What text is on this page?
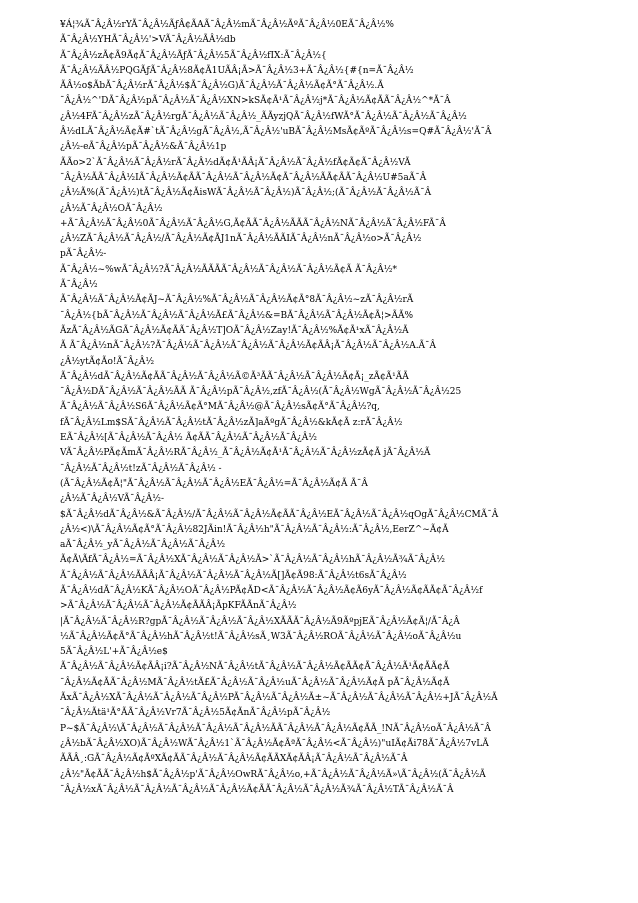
¥Á¦¾Ã¯Â¿Â½rYÃ¯Â¿Â½ÃƒÂ¢ÃAÃ¯Â¿Â½mÃ¯Â¿Â½ÃºÃ¯Â¿Â½0EÃ¯Â¿Â½%
Ã¯Â¿Â½YHÃ¯Â¿Â½'>VÃ¯Â¿Â½ÃÂ½db
Ã¯Â¿Â½zÃ¢Ã9Ã¢Ã¯Â¿Â½ÃƒÃ¯Â¿Â½5Ã¯Â¿Â½fIX:Ã¯Â¿Â½{
Ã¯Â¿Â½ÃÂ½PQGÃƒÃ¯Â¿Â½8Ã¢Ã1UÃÂ¡Ã>Ã¯Â¿Â½3+Ã¯Â¿Â½{#{n=Ã¯Â¿Â½
ÃÂ½o$ÃbÃ¯Â¿Â½rÃ¯Â¿Â½$Ã¯Â¿Â½G)Ã¯Â¿Â½Ã¯Â¿Â½Ã¢Ã°Ã¯Â¿Â½.Ã
¯Â¿Â½^'DÃ¯Â¿Â½pÃ¯Â¿Â½Ã¯Â¿Â½XN>kSÃ¢Ã¹Ã¯Â¿Â½j*Ã¯Â¿Â½Ã¢ÃÃ¯Â¿Â½^*Ã¯Â
¿Â½4FÃ¯Â¿Â½zÃ¯Â¿Â½rgÃ¯Â¿Â½Ã¯Â¿Â½_ÃÃyzjQÃ¯Â¿Â½fWÃ°Ã¯Â¿Â½Ã¯Â¿Â½Ã¯Â¿Â½
Â½dLÃ¯Â¿Â½Ã¢Ã#`tÃ¯Â¿Â½gÃ¯Â¿Â½,Ã¯Â¿Â½'uBÃ¯Â¿Â½MsÃ¢ÃºÃ¯Â¿Â½s=Q#Ã¯Â¿Â½'Ã¯Â
¿Â½-eÃ¯Â¿Â½pÃ¯Â¿Â½&Ã¯Â¿Â½1p
ÃÃo>2`Ã¯Â¿Â½Ã¯Â¿Â½rÃ¯Â¿Â½dÃ¢Ã¹ÃÂ¡Ã¯Â¿Â½Ã¯Â¿Â½fÃ¢Ã¢Ã¯Â¿Â½VÃ
¯Â¿Â½ÃÃ¯Â¿Â½IÃ¯Â¿Â½Ã¢ÃÃ¯Â¿Â½Ã¯Â¿Â½Ã¢Ã¯Â¿Â½ÃÃ¢ÃÃ¯Â¿Â½U#5aÃ¯Â
¿Â½Ã%(Ã¯Â¿Â½)tÃ¯Â¿Â½Ã¢ÃisWÃ¯Â¿Â½Ã¯Â¿Â½)Ã¯Â¿Â½;(Ã¯Â¿Â½Ã¯Â¿Â½Ã¯Â
¿Â½Ã¯Â¿Â½OÃ¯Â¿Â½
+Ã¯Â¿Â½Ã¯Â¿Â½0Ã¯Â¿Â½Ã¯Â¿Â½G,Ã¢ÃÃ¯Â¿Â½ÃÃÃ¯Â¿Â½NÃ¯Â¿Â½Ã¯Â¿Â½FÃ¯Â
¿Â½ZÃ¯Â¿Â½Ã¯Â¿Â½/Ã¯Â¿Â½Ã¢ÃJ1nÃ¯Â¿Â½ÃÃIÃ¯Â¿Â½nÃ¯Â¿Â½o>Ã¯Â¿Â½
pÃ¯Â¿Â½-
Ã¯Â¿Â½~%wÃ¯Â¿Â½?Ã¯Â¿Â½ÃÃÃÃ¯Â¿Â½Ã¯Â¿Â½Ã¯Â¿Â½Ã¢Ã Ã¯Â¿Â½*
Ã¯Â¿Â½
Ã¯Â¿Â½Ã¯Â¿Â½Ã¢ÃJ~Ã¯Â¿Â½%Ã¯Â¿Â½Ã¯Â¿Â½Ã¢Ã°8Ã¯Â¿Â½~zÃ¯Â¿Â½rÃ
¯Â¿Â½{bÃ¯Â¿Â½Ã¯Â¿Â½Ã¯Â¿Â½Ã£Ã¯Â¿Â½&=BÃ¯Â¿Â½Ã¯Â¿Â½Ã¢Ã¦>ÃÃ%
ÃzÃ¯Â¿Â½ÃGÃ¯Â¿Â½Ã¢ÃÃ¯Â¿Â½T]OÃ¯Â¿Â½Zay!Ã¯Â¿Â½%Ã¢Ã¹xÃ¯Â¿Â½Ã
Ã Ã¯Â¿Â½nÃ¯Â¿Â½?Ã¯Â¿Â½Ã¯Â¿Â½Ã¯Â¿Â½Ã¯Â¿Â½Ã¢ÃÂ¡Ã¯Â¿Â½Ã¯Â¿Â½A.Ã¯Â
¿Â½ytÃ¢Ão!Ã¯Â¿Â½
Ã¯Â¿Â½dÃ¯Â¿Â½Ã¢ÃÃ¯Â¿Â½Ã¯Â¿Â½Ã©Ã³ÃÃ¯Â¿Â½Ã¯Â¿Â½Ã¢Ã¡_zÃ¢Ã¹ÃÃ
¯Â¿Â½DÃ¯Â¿Â½Ã¯Â¿Â½ÃÃ Ã¯Â¿Â½pÃ¯Â¿Â½,zfÃ¯Â¿Â½(Ã¯Â¿Â½WgÃ¯Â¿Â½Ã¯Â¿Â½25
Ã¯Â¿Â½Ã¯Â¿Â½S6Ã¯Â¿Â½Ã¢Ã°MÃ¯Â¿Â½@Ã¯Â¿Â½sÃ¢Ã°Ã¯Â¿Â½?q,
fÃ¯Â¿Â½Lm$SÃ¯Â¿Â½Ã¯Â¿Â½tÃ¯Â¿Â½zÃ]aÃºgÃ¯Â¿Â½&kÃ¢Ã z:rÃ¯Â¿Â½
EÃ¯Â¿Â½[Ã¯Â¿Â½Ã¯Â¿Â½ Ã¢ÃÃ¯Â¿Â½Ã¯Â¿Â½Ã¯Â¿Â½
VÃ¯Â¿Â½PÃ¢ÃmÃ¯Â¿Â½RÃ¯Â¿Â½_Ã¯Â¿Â½Ã¢Ã¹Ã¯Â¿Â½Ã¯Â¿Â½zÃ¢Ã jÃ¯Â¿Â½Ã
¯Â¿Â½Ã¯Â¿Â½t!zÃ¯Â¿Â½Ã¯Â¿Â½ -
(Ã¯Â¿Â½Ã¢Ã¦"Ã¯Â¿Â½Ã¯Â¿Â½Ã¯Â¿Â½EÃ¯Â¿Â½=Ã¯Â¿Â½Ã¢Ã Ã¯Â
¿Â½Ã¯Â¿Â½VÃ¯Â¿Â½-
$Ã¯Â¿Â½dÃ¯Â¿Â½&Ã¯Â¿Â½/Ã¯Â¿Â½Ã¯Â¿Â½Ã¢ÃÃ¯Â¿Â½EÃ¯Â¿Â½Ã¯Â¿Â½qOgÃ¯Â¿Â½CMÃ¯Â
¿Â½<)\Ã¯Â¿Â½Ã¢Ã°Ã¯Â¿Â½82JÃin!Ã¯Â¿Â½h"Ã¯Â¿Â½Ã¯Â¿Â½:Ã¯Â¿Â½,EerZ^~Ã¢Ã
aÃ¯Â¿Â½_yÃ¯Â¿Â½Ã¯Â¿Â½Ã¯Â¿Â½
Ã¢Ã\ÃfÃ¯Â¿Â½=Ã¯Â¿Â½XÃ¯Â¿Â½Ã¯Â¿Â½Ã>`Ã¯Â¿Â½Ã¯Â¿Â½hÃ¯Â¿Â½Ã¾Ã¯Â¿Â½
Ã¯Â¿Â½Ã¯Â¿Â½ÃÃÂ¡Ã¯Â¿Â½Ã¯Â¿Â½Ã¯Â¿Â½Ã[]Ã¢Ã98:Ã¯Â¿Â½t6sÃ¯Â¿Â½
Ã¯Â¿Â½dÃ¯Â¿Â½KÃ¯Â¿Â½OÃ¯Â¿Â½PÃ¢ÃD<Ã¯Â¿Â½Ã¯Â¿Â½Ã¢Ã6yÃ¯Â¿Â½Ã¢ÃÃ¢Ã¯Â¿Â½f
>Ã¯Â¿Â½Ã¯Â¿Â½Ã¯Â¿Â½Ã¢ÃÃÂ¡ÃpKFÃÃnÃ¯Â¿Â½
|Ã¯Â¿Â½Ã¯Â¿Â½R?gpÃ¯Â¿Â½Ã¯Â¿Â½Ã¯Â¿Â½XÃÃÃ¯Â¿Â½Ã9ÃºpjEÃ¯Â¿Â½Ã¢Ã¦/Ã¯Â¿Â
½Ã¯Â¿Â½Ã¢Ã°Ã¯Â¿Â½hÃ¯Â¿Â½t!Ã¯Â¿Â½sÃ¸W3Ã¯Â¿Â½ROÃ¯Â¿Â½Ã¯Â¿Â½oÃ¯Â¿Â½u
5Ã¯Â¿Â½L'+Ã¯Â¿Â½e$
Ã¯Â¿Â½Ã¯Â¿Â½Ã¢ÃÂ¡i?Ã¯Â¿Â½NÃ¯Â¿Â½tÃ¯Â¿Â½Ã¯Â¿Â½Ã¢ÃÃ¢Ã¯Â¿Â½Ã¹Ã¢ÃÃ¢Ã
¯Â¿Â½Ã¢ÃÃ¯Â¿Â½MÃ¯Â¿Â½tÃ£Ã¯Â¿Â½Ã¯Â¿Â½uÃ¯Â¿Â½Ã¯Â¿Â½Ã¢Ã pÃ¯Â¿Â½Ã¢Ã
ÃxÃ¯Â¿Â½XÃ¯Â¿Â½Ã¯Â¿Â½Ã¯Â¿Â½PÃ¯Â¿Â½Ã¯Â¿Â½Ã±~Ã¯Â¿Â½Ã¯Â¿Â½Ã¯Â¿Â½+JÃ¯Â¿Â½Ã
¯Â¿Â½Ãtä¹Ã°ÃÃ¯Â¿Â½Vr7Ã¯Â¿Â½5Ã¢ÃnÃ¯Â¿Â½pÃ¯Â¿Â½
P~$Ã¯Â¿Â½\Ã¯Â¿Â½Ã¯Â¿Â½Ã¯Â¿Â½Ã¯Â¿Â½ÃÃ¯Â¿Â½Ã¯Â¿Â½Ã¢ÃÃ_!NÃ¯Â¿Â½oÃ¯Â¿Â½Ã¯Â
¿Â½bÃ¯Â¿Â½XO)Ã¯Â¿Â½WÃ¯Â¿Â½1`Ã¯Â¿Â½Ã¢ÃªÃ¯Â¿Â½<Ã¯Â¿Â½)"uIÃ¢Ãi78Ã¯Â¿Â½7vLÃ
ÃÃÂ¸:GÃ¯Â¿Â½Ã¢ÃºXÃ¢ÃÃ¯Â¿Â½Ã¯Â¿Â½Ã¢ÃÃXÃ¢ÃÂ¡Ã¯Â¿Â½Ã¯Â¿Â½Ã¯Â
¿Â½"Ã¢ÃÃ¯Â¿Â½h$Ã¯Â¿Â½p'Ã¯Â¿Â½OwRÃ¯Â¿Â½o,+Ã¯Â¿Â½Ã¯Â¿Â½Ã»\Ã¯Â¿Â½(Ã¯Â¿Â½Ã
¯Â¿Â½xÃ¯Â¿Â½Ã¯Â¿Â½Ã¯Â¿Â½Ã¯Â¿Â½Ã¢ÃÃ¯Â¿Â½Ã¯Â¿Â½Ã¾Ã¯Â¿Â½TÃ¯Â¿Â½Ã¯Â
